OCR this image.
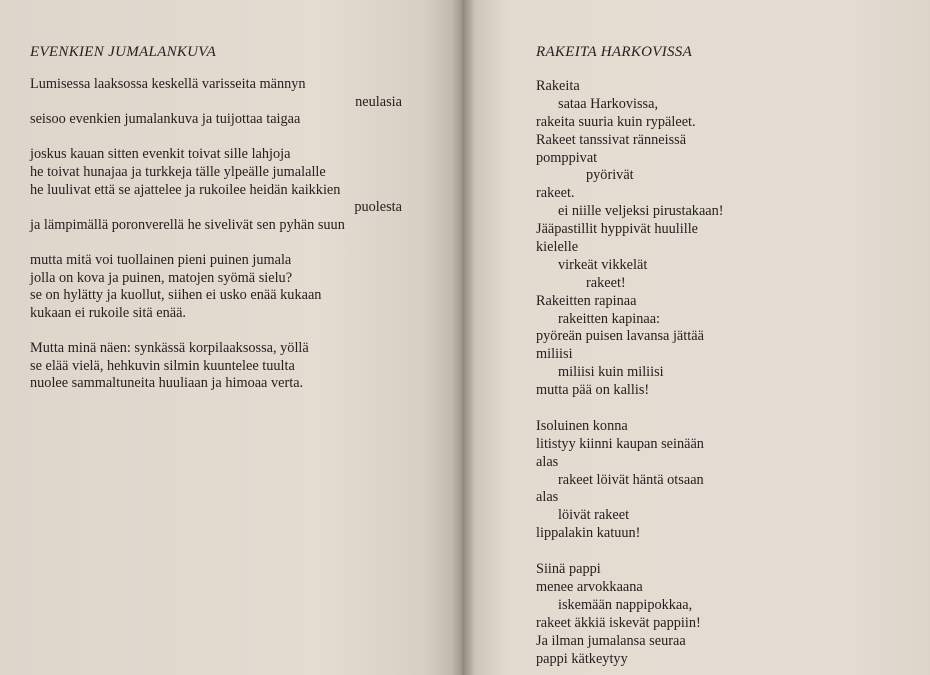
EVENKIEN JUMALANKUVA
Lumisessa laaksossa keskellä varisseita männyn
neulasia
seisoo evenkien jumalankuva ja tuijottaa taigaa
joskus kauan sitten evenkit toivat sille lahjoja
he toivat hunajaa ja turkkeja tälle ylpeälle jumalalle
he luulivat että se ajattelee ja rukoilee heidän kaikkien
puolesta
ja lämpimällä poronverellä he sivelivät sen pyhän suun
mutta mitä voi tuollainen pieni puinen jumala
jolla on kova ja puinen, matojen syömä sielu?
se on hylätty ja kuollut, siihen ei usko enää kukaan
kukaan ei rukoile sitä enää.
Mutta minä näen: synkässä korpilaaksossa, yöllä
se elää vielä, hehkuvin silmin kuuntelee tuulta
nuolee sammaltuneita huuliaan ja himoaa verta.
RAKEITA HARKOVISSA
Rakeita
sataa Harkovissa,
rakeita suuria kuin rypäleet.
Rakeet tanssivat ränneissä
pomppivat
pyörivät
rakeet.
ei niille veljeksi pirustakaan!
Jääpastillit hyppivät huulille
kielelle
virkeät vikkelät
rakeet!
Rakeitten rapinaa
rakeitten kapinaa:
pyöreän puisen lavansa jättää
miliisi
miliisi kuin miliisi
mutta pää on kallis!
Isoluinen konna
litistyy kiinni kaupan seinään
alas
rakeet löivät häntä otsaan
alas
löivät rakeet
lippalakin katuun!
Siinä pappi
menee arvokkaana
iskemään nappipokkaa,
rakeet äkkiä iskevät pappiin!
Ja ilman jumalansa seuraa
pappi kätkeytyy
